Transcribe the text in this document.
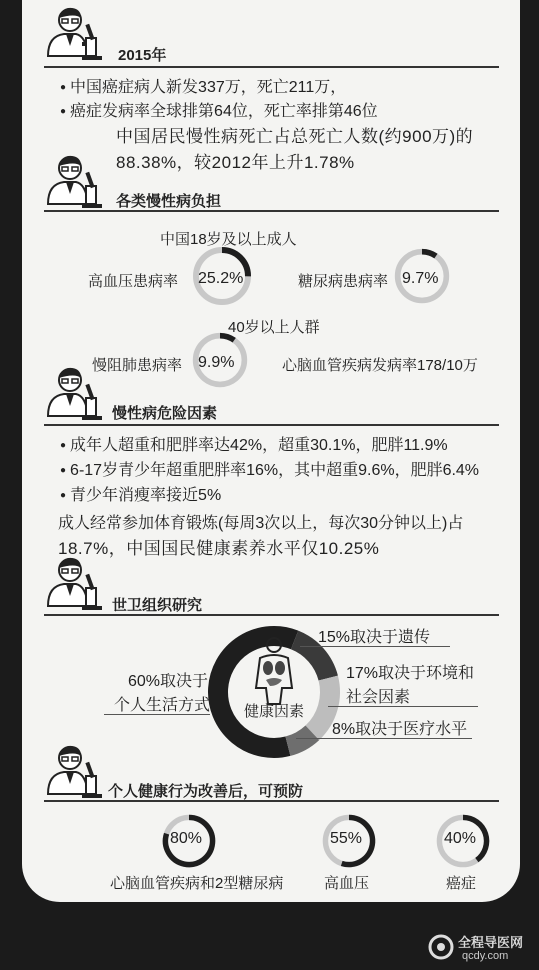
2015年
● 中国癌症病人新发337万，死亡211万，
● 癌症发病率全球排第64位，死亡率排第46位
中国居民慢性病死亡占总死亡人数(约900万)的
88.38%，较2012年上升1.78%
各类慢性病负担
中国18岁及以上成人
高血压患病率 25.2%	糖尿病患病率 9.7%
40岁以上人群
慢阻肺患病率 9.9%	心脑血管疾病发病率178/10万
慢性病危险因素
● 成年人超重和肥胖率达42%，超重30.1%，肥胖11.9%
● 6-17岁青少年超重肥胖率16%，其中超重9.6%，肥胖6.4%
● 青少年消瘦率接近5%
成人经常参加体育锻炼(每周3次以上，每次30分钟以上)占
18.7%，中国国民健康素养水平仅10.25%
世卫组织研究
健康因素
60%取决于
个人生活方式
15%取决于遗传
17%取决于环境和
社会因素
8%取决于医疗水平
个人健康行为改善后，可预防
80%
心脑血管疾病和2型糖尿病
55%
高血压
40%
癌症
全程导医网
qcdy.com
